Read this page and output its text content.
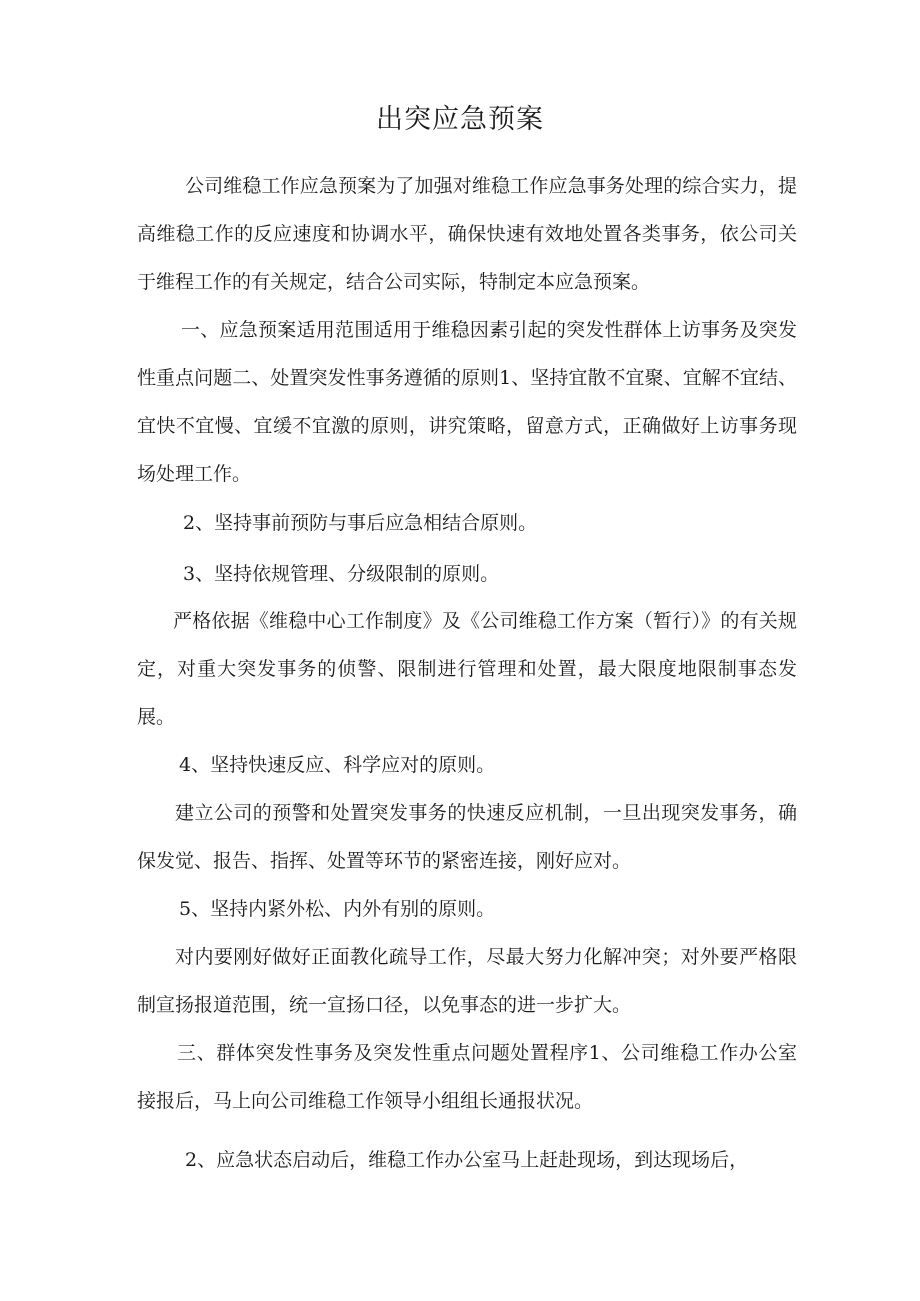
出突应急预案

公司维稳工作应急预案为了加强对维稳工作应急事务处理的综合实力，提高维稳工作的反应速度和协调水平，确保快速有效地处置各类事务，依公司关于维程工作的有关规定，结合公司实际，特制定本应急预案。

一、应急预案适用范围适用于维稳因素引起的突发性群体上访事务及突发性重点问题二、处置突发性事务遵循的原则1、坚持宜散不宜聚、宜解不宜结、宜快不宜慢、宜缓不宜激的原则，讲究策略，留意方式，正确做好上访事务现场处理工作。

2、坚持事前预防与事后应急相结合原则。

3、坚持依规管理、分级限制的原则。

严格依据《维稳中心工作制度》及《公司维稳工作方案（暂行）》的有关规定，对重大突发事务的侦警、限制进行管理和处置，最大限度地限制事态发展。

4、坚持快速反应、科学应对的原则。

建立公司的预警和处置突发事务的快速反应机制，一旦出现突发事务，确保发觉、报告、指挥、处置等环节的紧密连接，刚好应对。

5、坚持内紧外松、内外有别的原则。

对内要刚好做好正面教化疏导工作，尽最大努力化解冲突；对外要严格限制宣扬报道范围，统一宣扬口径，以免事态的进一步扩大。

三、群体突发性事务及突发性重点问题处置程序1、公司维稳工作办公室接报后，马上向公司维稳工作领导小组组长通报状况。

2、应急状态启动后，维稳工作办公室马上赶赴现场，到达现场后，
